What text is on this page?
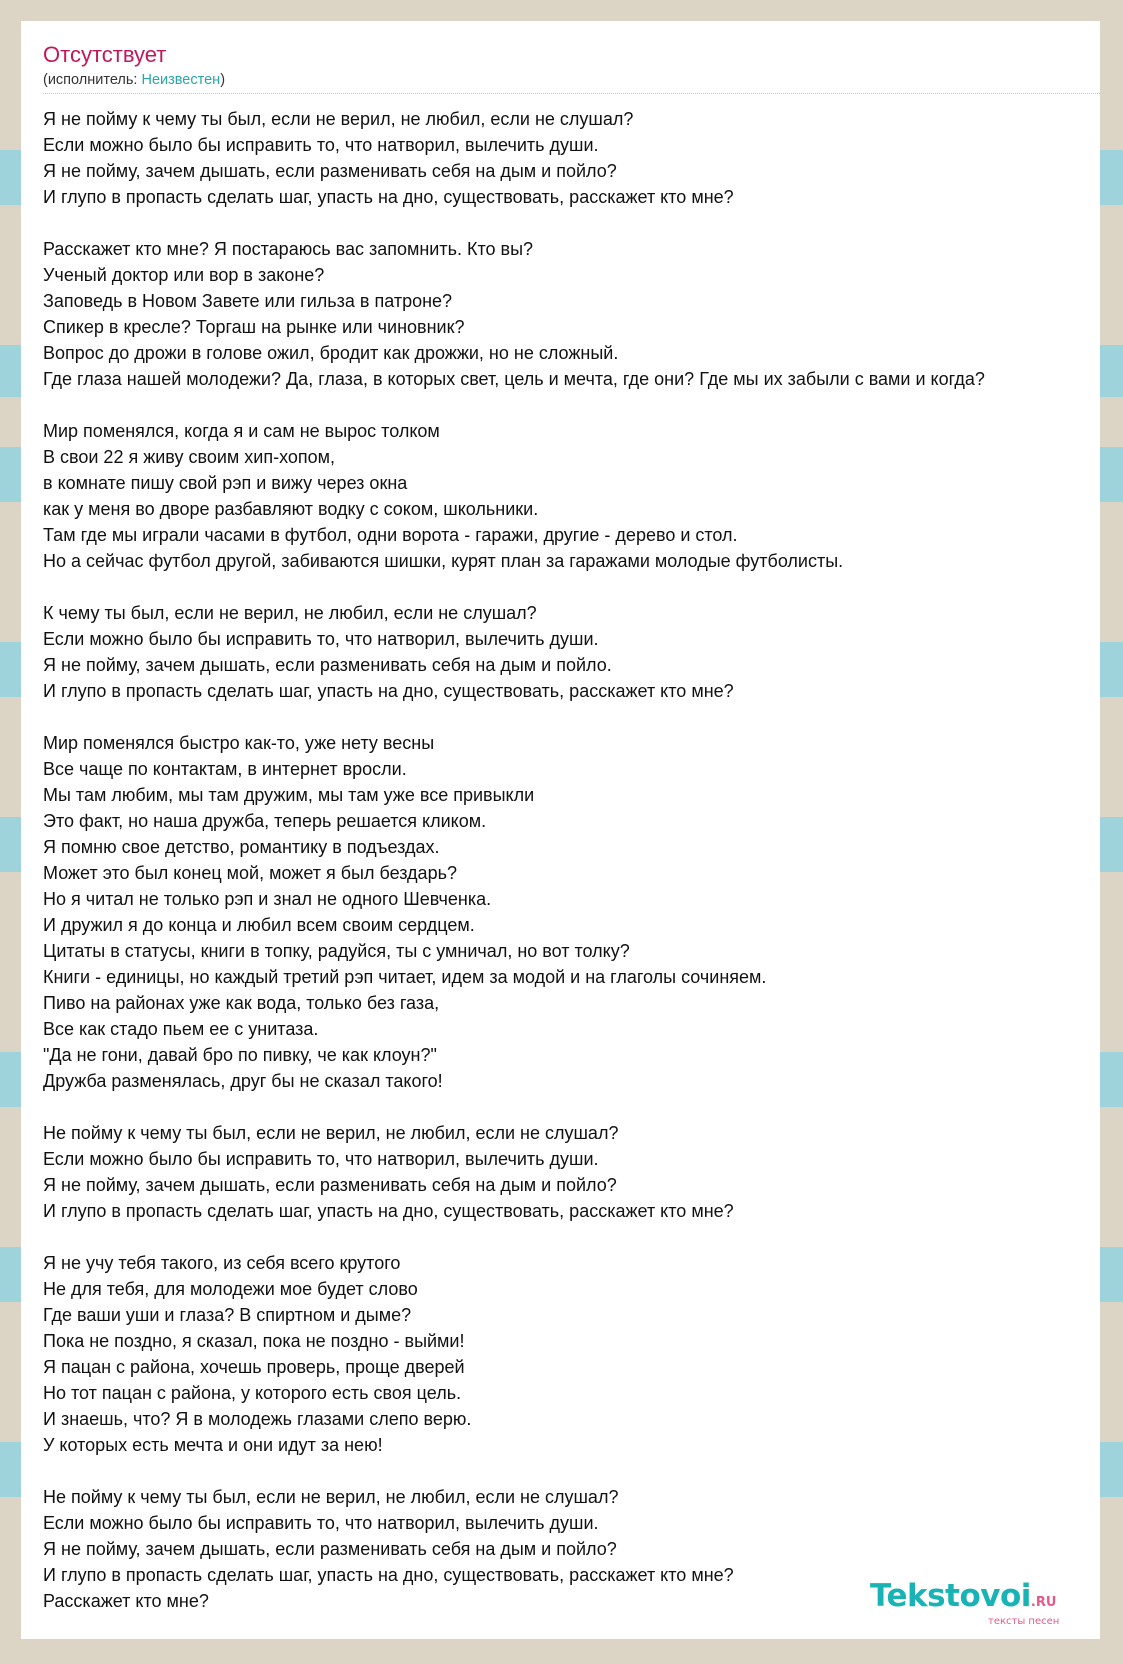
Отсутствует
(исполнитель: Неизвестен)
Я не пойму к чему ты был, если не верил, не любил, если не слушал?
Если можно было бы исправить то, что натворил, вылечить души.
Я не пойму, зачем дышать, если разменивать себя на дым и пойло?
И глупо в пропасть сделать шаг, упасть на дно, существовать, расскажет кто мне?
Расскажет кто мне? Я постараюсь вас запомнить. Кто вы?
Ученый доктор или вор в законе?
Заповедь в Новом Завете или гильза в патроне?
Спикер в кресле? Торгаш на рынке или чиновник?
Вопрос до дрожи в голове ожил, бродит как дрожжи, но не сложный.
Где глаза нашей молодежи? Да, глаза, в которых свет, цель и мечта, где они? Где мы их забыли с вами и когда?
Мир поменялся, когда я и сам не вырос толком
В свои 22 я живу своим хип-хопом,
в комнате пишу свой рэп и вижу через окна
как у меня во дворе разбавляют водку с соком, школьники.
Там где мы играли часами в футбол, одни ворота - гаражи, другие - дерево и стол.
Но а сейчас футбол другой, забиваются шишки, курят план за гаражами молодые футболисты.
К чему ты был, если не верил, не любил, если не слушал?
Если можно было бы исправить то, что натворил, вылечить души.
Я не пойму, зачем дышать, если разменивать себя на дым и пойло.
И глупо в пропасть сделать шаг, упасть на дно, существовать, расскажет кто мне?
Мир поменялся быстро как-то, уже нету весны
Все чаще по контактам, в интернет вросли.
Мы там любим, мы там дружим, мы там уже все привыкли
Это факт, но наша дружба, теперь решается кликом.
Я помню свое детство, романтику в подъездах.
Может это был конец мой, может я был бездарь?
Но я читал не только рэп и знал не одного Шевченка.
И дружил я до конца и любил всем своим сердцем.
Цитаты в статусы, книги в топку, радуйся, ты с умничал, но вот толку?
Книги - единицы, но каждый третий рэп читает, идем за модой и на глаголы сочиняем.
Пиво на районах уже как вода, только без газа,
Все как стадо пьем ее с унитаза.
"Да не гони, давай бро по пивку, че как клоун?"
Дружба разменялась, друг бы не сказал такого!
Не пойму к чему ты был, если не верил, не любил, если не слушал?
Если можно было бы исправить то, что натворил, вылечить души.
Я не пойму, зачем дышать, если разменивать себя на дым и пойло?
И глупо в пропасть сделать шаг, упасть на дно, существовать, расскажет кто мне?
Я не учу тебя такого, из себя всего крутого
Не для тебя, для молодежи мое будет слово
Где ваши уши и глаза? В спиртном и дыме?
Пока не поздно, я сказал, пока не поздно - выйми!
Я пацан с района, хочешь проверь, проще дверей
Но тот пацан с района, у которого есть своя цель.
И знаешь, что? Я в молодежь глазами слепо верю.
У которых есть мечта и они идут за нею!
Не пойму к чему ты был, если не верил, не любил, если не слушал?
Если можно было бы исправить то, что натворил, вылечить души.
Я не пойму, зачем дышать, если разменивать себя на дым и пойло?
И глупо в пропасть сделать шаг, упасть на дно, существовать, расскажет кто мне?
Расскажет кто мне?	Tekstovoi.RU
тексты песен
